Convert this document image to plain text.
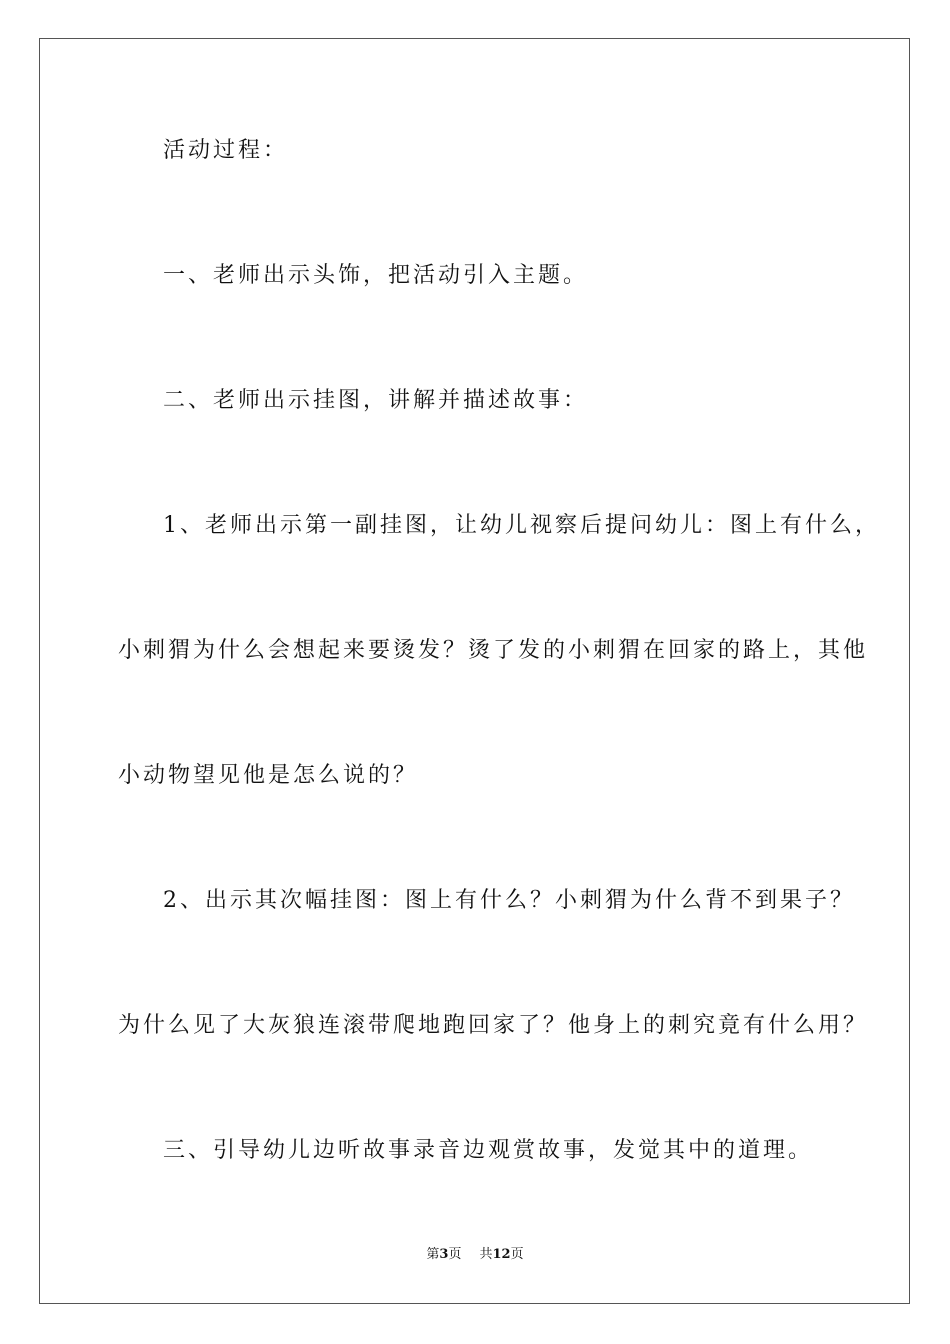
活动过程：
一、老师出示头饰，把活动引入主题。
二、老师出示挂图，讲解并描述故事：
1、老师出示第一副挂图，让幼儿视察后提问幼儿：图上有什么，
小刺猬为什么会想起来要烫发？烫了发的小刺猬在回家的路上，其他
小动物望见他是怎么说的？
2、出示其次幅挂图：图上有什么？小刺猬为什么背不到果子？
为什么见了大灰狼连滚带爬地跑回家了？他身上的刺究竟有什么用？
三、引导幼儿边听故事录音边观赏故事，发觉其中的道理。
第3页 共12页
